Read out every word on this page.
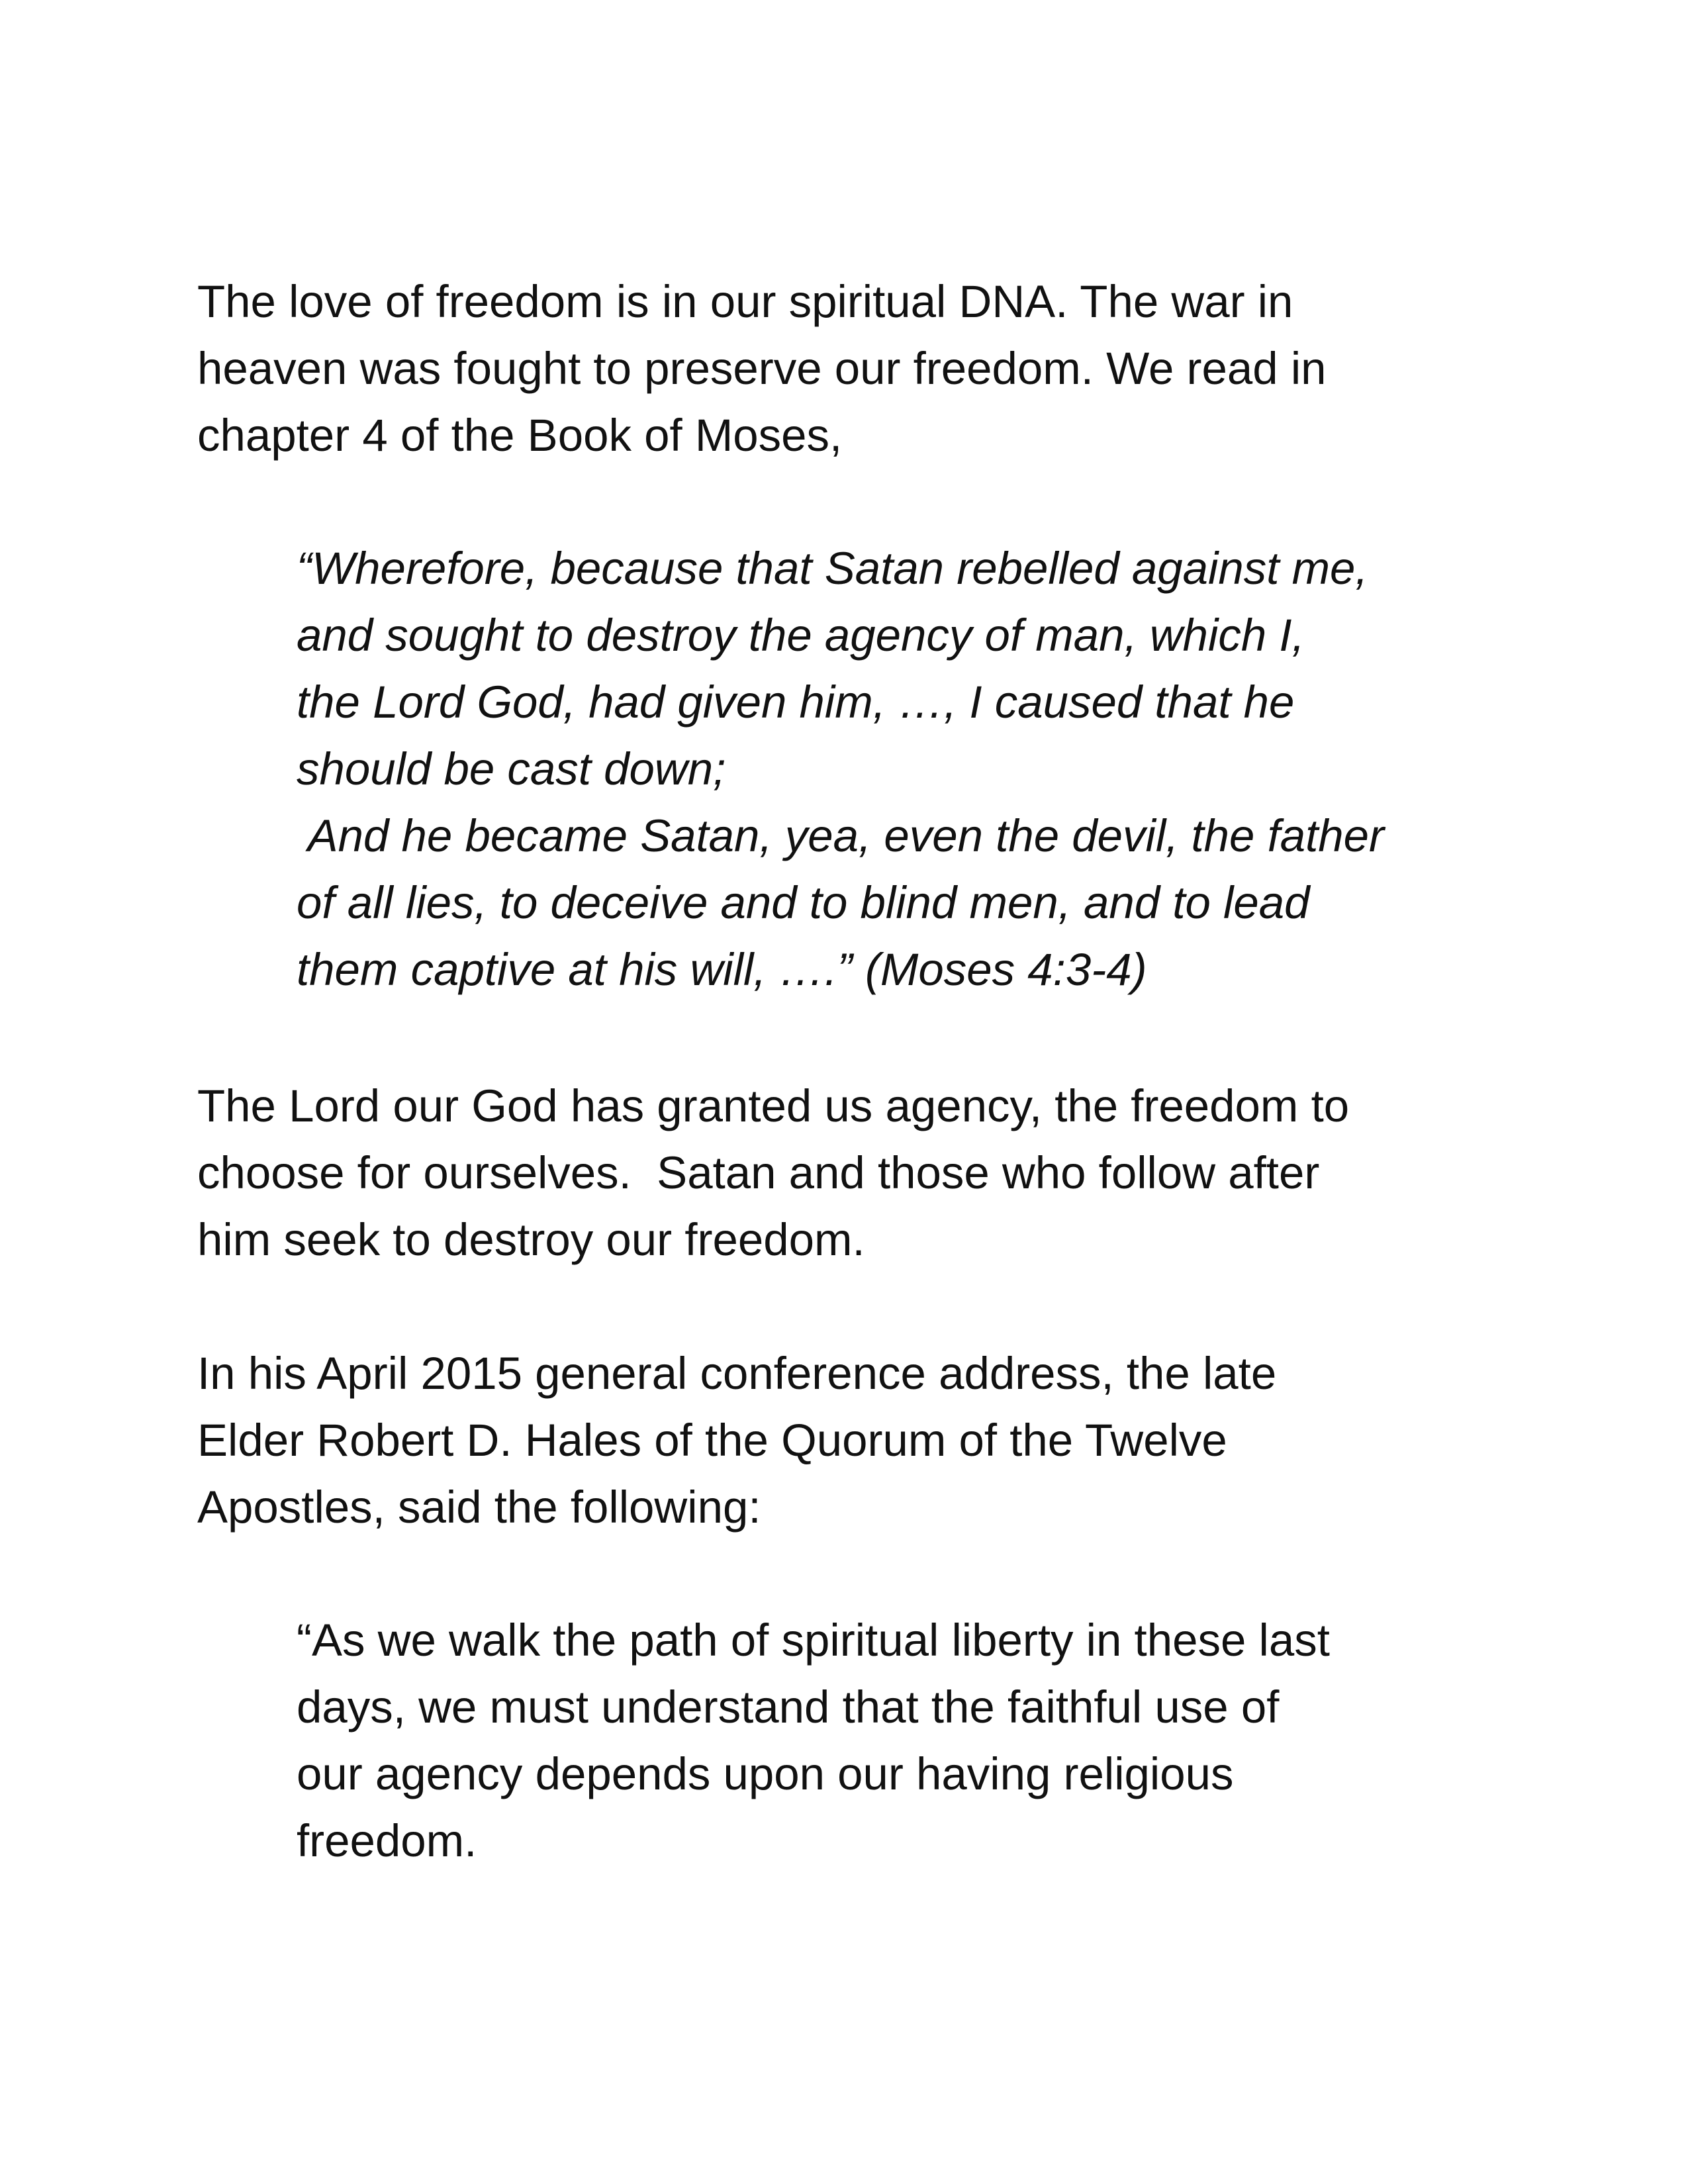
The love of freedom is in our spiritual DNA. The war in
heaven was fought to preserve our freedom. We read in
chapter 4 of the Book of Moses,

“Wherefore, because that Satan rebelled against me,
and sought to destroy the agency of man, which I,
the Lord God, had given him, …, I caused that he
should be cast down;
And he became Satan, yea, even the devil, the father
of all lies, to deceive and to blind men, and to lead
them captive at his will, ….” (Moses 4:3-4)

The Lord our God has granted us agency, the freedom to
choose for ourselves.  Satan and those who follow after
him seek to destroy our freedom.

In his April 2015 general conference address, the late
Elder Robert D. Hales of the Quorum of the Twelve
Apostles, said the following:

“As we walk the path of spiritual liberty in these last
days, we must understand that the faithful use of
our agency depends upon our having religious
freedom.
